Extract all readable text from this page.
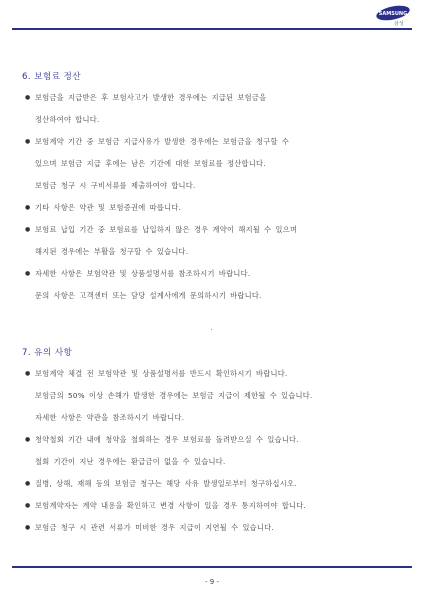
SAMSUNG
삼성
6. 보험료 정산
● 보험금을 지급받은 후 보험사고가 발생한 경우에는 지급된 보험금을
정산하여야 합니다.
● 보험계약 기간 중 보험금 지급사유가 발생한 경우에는 보험금을 청구할 수
있으며 보험금 지급 후에는 남은 기간에 대한 보험료를 정산합니다.
보험금 청구 시 구비서류를 제출하여야 합니다.
● 기타 사항은 약관 및 보험증권에 따릅니다.
● 보험료 납입 기간 중 보험료를 납입하지 않은 경우 계약이 해지될 수 있으며
해지된 경우에는 부활을 청구할 수 있습니다.
● 자세한 사항은 보험약관 및 상품설명서를 참조하시기 바랍니다.
문의 사항은 고객센터 또는 담당 설계사에게 문의하시기 바랍니다.
7. 유의 사항
● 보험계약 체결 전 보험약관 및 상품설명서를 반드시 확인하시기 바랍니다.
보험금의 50% 이상 손해가 발생한 경우에는 보험금 지급이 제한될 수 있습니다.
자세한 사항은 약관을 참조하시기 바랍니다.
● 청약철회 기간 내에 청약을 철회하는 경우 보험료를 돌려받으실 수 있습니다.
철회 기간이 지난 경우에는 환급금이 없을 수 있습니다.
● 질병, 상해, 재해 등의 보험금 청구는 해당 사유 발생일로부터 청구하십시오.
● 보험계약자는 계약 내용을 확인하고 변경 사항이 있을 경우 통지하여야 합니다.
● 보험금 청구 시 관련 서류가 미비한 경우 지급이 지연될 수 있습니다.
- 9 -
